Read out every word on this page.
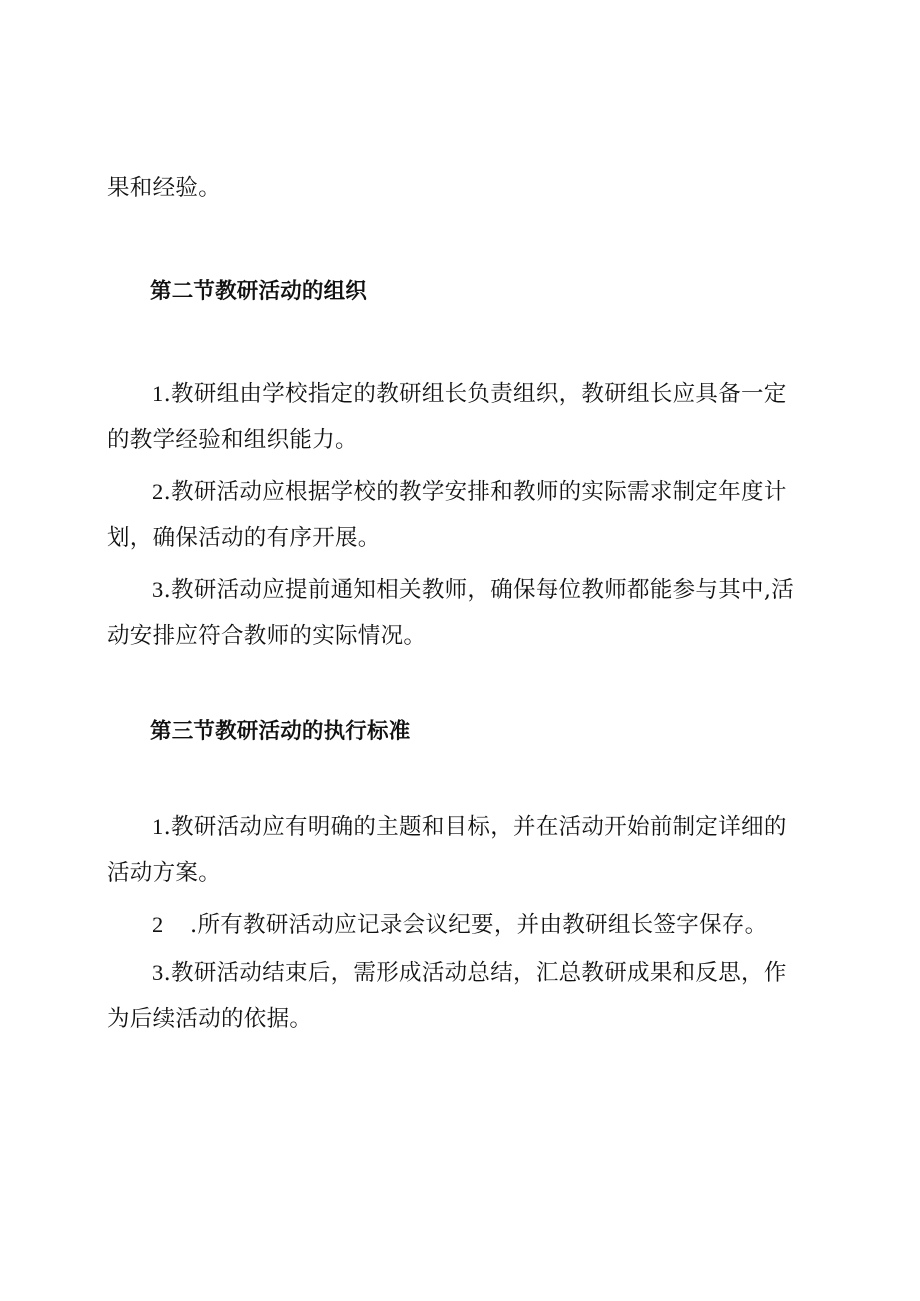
果和经验。
第二节教研活动的组织
1.教研组由学校指定的教研组长负责组织，教研组长应具备一定
的教学经验和组织能力。
2.教研活动应根据学校的教学安排和教师的实际需求制定年度计
划，确保活动的有序开展。
3.教研活动应提前通知相关教师，确保每位教师都能参与其中,活
动安排应符合教师的实际情况。
第三节教研活动的执行标准
1.教研活动应有明确的主题和目标，并在活动开始前制定详细的
活动方案。
2 .所有教研活动应记录会议纪要，并由教研组长签字保存。
3.教研活动结束后，需形成活动总结，汇总教研成果和反思，作
为后续活动的依据。
